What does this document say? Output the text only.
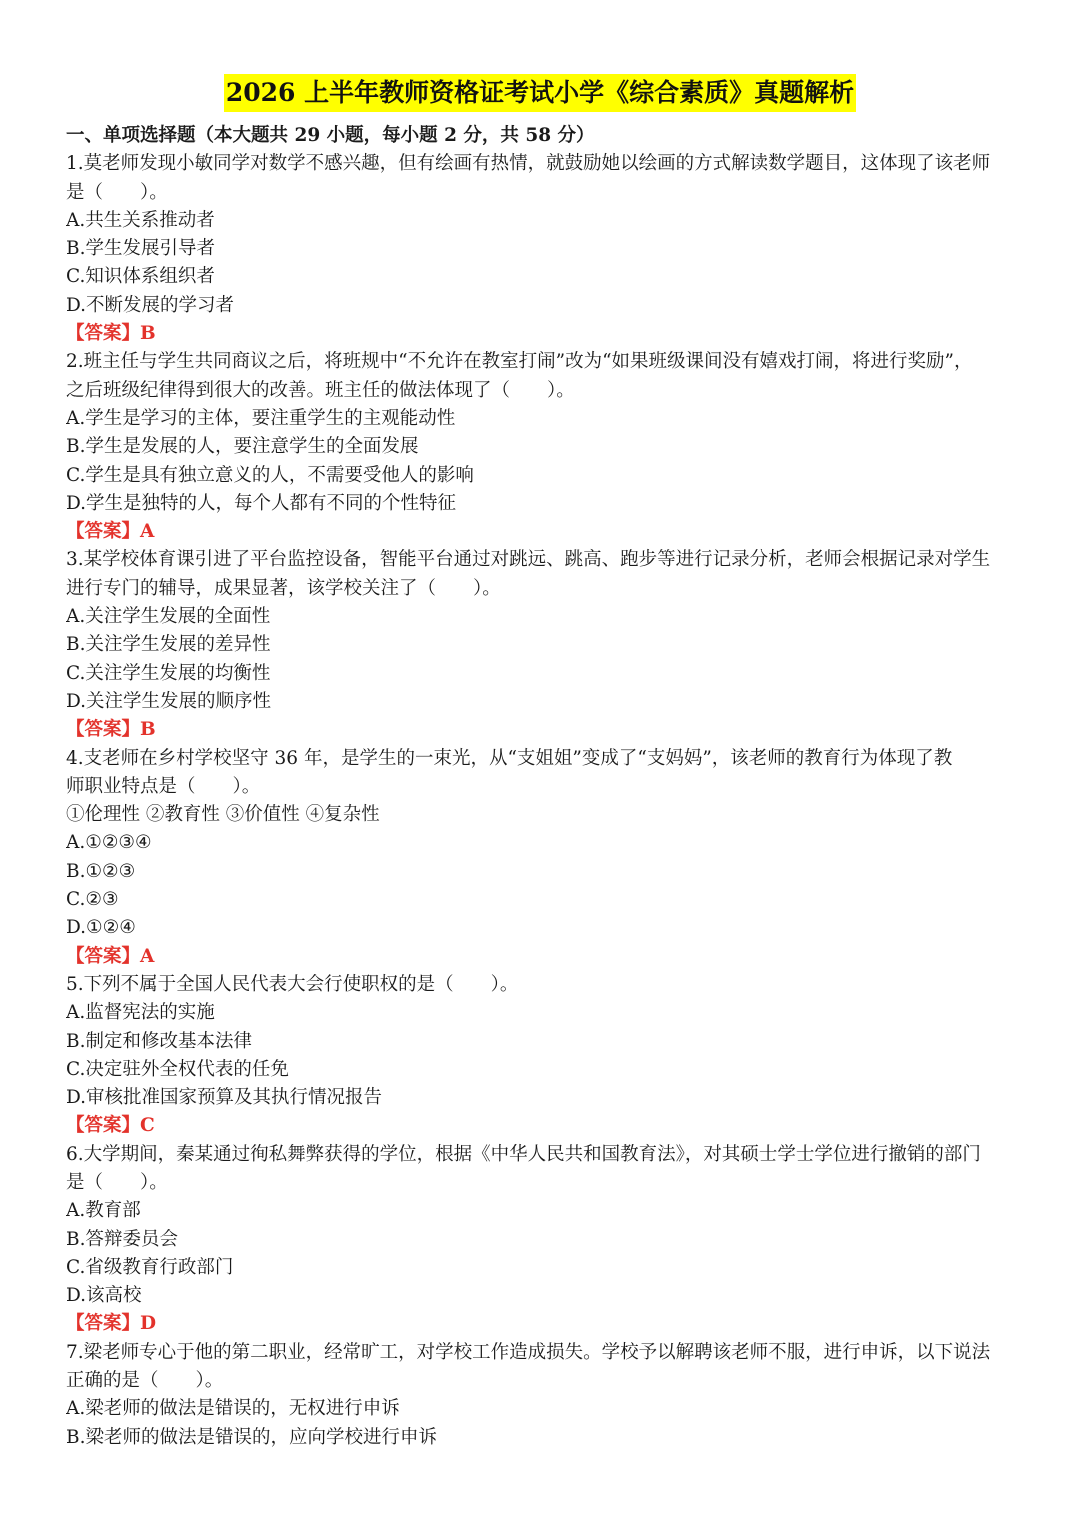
2026 上半年教师资格证考试小学《综合素质》真题解析
一、单项选择题（本大题共 29 小题，每小题 2 分，共 58 分）
1.莫老师发现小敏同学对数学不感兴趣，但有绘画有热情，就鼓励她以绘画的方式解读数学题目，这体现了该老师
是（　　）。
A.共生关系推动者
B.学生发展引导者
C.知识体系组织者
D.不断发展的学习者
【答案】B
2.班主任与学生共同商议之后，将班规中“不允许在教室打闹”改为“如果班级课间没有嬉戏打闹，将进行奖励”，
之后班级纪律得到很大的改善。班主任的做法体现了（　　）。
A.学生是学习的主体，要注重学生的主观能动性
B.学生是发展的人，要注意学生的全面发展
C.学生是具有独立意义的人，不需要受他人的影响
D.学生是独特的人，每个人都有不同的个性特征
【答案】A
3.某学校体育课引进了平台监控设备，智能平台通过对跳远、跳高、跑步等进行记录分析，老师会根据记录对学生
进行专门的辅导，成果显著，该学校关注了（　　）。
A.关注学生发展的全面性
B.关注学生发展的差异性
C.关注学生发展的均衡性
D.关注学生发展的顺序性
【答案】B
4.支老师在乡村学校坚守 36 年，是学生的一束光，从“支姐姐”变成了“支妈妈”，该老师的教育行为体现了教
师职业特点是（　　）。
①伦理性 ②教育性 ③价值性 ④复杂性
A.①②③④
B.①②③
C.②③
D.①②④
【答案】A
5.下列不属于全国人民代表大会行使职权的是（　　）。
A.监督宪法的实施
B.制定和修改基本法律
C.决定驻外全权代表的任免
D.审核批准国家预算及其执行情况报告
【答案】C
6.大学期间，秦某通过徇私舞弊获得的学位，根据《中华人民共和国教育法》，对其硕士学士学位进行撤销的部门
是（　　）。
A.教育部
B.答辩委员会
C.省级教育行政部门
D.该高校
【答案】D
7.梁老师专心于他的第二职业，经常旷工，对学校工作造成损失。学校予以解聘该老师不服，进行申诉，以下说法
正确的是（　　）。
A.梁老师的做法是错误的，无权进行申诉
B.梁老师的做法是错误的，应向学校进行申诉
